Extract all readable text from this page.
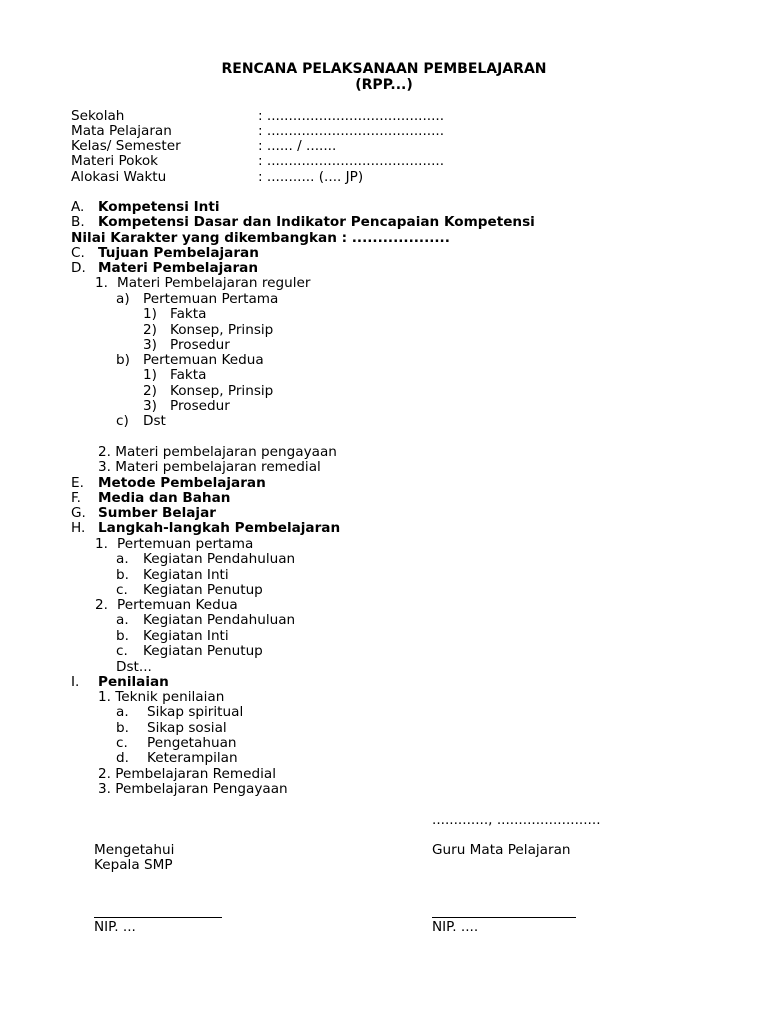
RENCANA PELAKSANAAN PEMBELAJARAN
(RPP...)
Sekolah	: .........................................
Mata Pelajaran	: .........................................
Kelas/ Semester	: ...... / .......
Materi Pokok	: .........................................
Alokasi Waktu	: ........... (.... JP)
A. Kompetensi Inti
B. Kompetensi Dasar dan Indikator Pencapaian Kompetensi
Nilai Karakter yang dikembangkan : ...................
C. Tujuan Pembelajaran
D. Materi Pembelajaran
1. Materi Pembelajaran reguler
a) Pertemuan Pertama
1) Fakta
2) Konsep, Prinsip
3) Prosedur
b) Pertemuan Kedua
1) Fakta
2) Konsep, Prinsip
3) Prosedur
c) Dst
2. Materi pembelajaran pengayaan
3. Materi pembelajaran remedial
E. Metode Pembelajaran
F. Media dan Bahan
G. Sumber Belajar
H. Langkah-langkah Pembelajaran
1. Pertemuan pertama
a. Kegiatan Pendahuluan
b. Kegiatan Inti
c. Kegiatan Penutup
2. Pertemuan Kedua
a. Kegiatan Pendahuluan
b. Kegiatan Inti
c. Kegiatan Penutup
Dst...
I. Penilaian
1. Teknik penilaian
a. Sikap spiritual
b. Sikap sosial
c. Pengetahuan
d. Keterampilan
2. Pembelajaran Remedial
3. Pembelajaran Pengayaan
............., ........................
Mengetahui	Guru Mata Pelajaran
Kepala SMP
NIP. ...	NIP. ....
